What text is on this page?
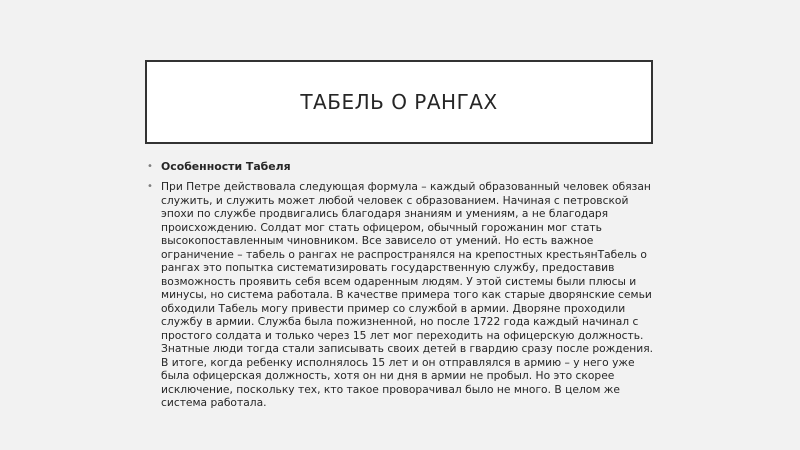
ТАБЕЛЬ О РАНГАХ
• Особенности Табеля
• При Петре действовала следующая формула – каждый образованный человек обязан служить, и служить может любой человек с образованием. Начиная с петровской эпохи по службе продвигались благодаря знаниям и умениям, а не благодаря происхождению. Солдат мог стать офицером, обычный горожанин мог стать высокопоставленным чиновником. Все зависело от умений. Но есть важное ограничение – табель о рангах не распространялся на крепостных крестьянТабель о рангах это попытка систематизировать государственную службу, предоставив возможность проявить себя всем одаренным людям. У этой системы были плюсы и минусы, но система работала. В качестве примера того как старые дворянские семьи обходили Табель могу привести пример со службой в армии. Дворяне проходили службу в армии. Служба была пожизненной, но после 1722 года каждый начинал с простого солдата и только через 15 лет мог переходить на офицерскую должность. Знатные люди тогда стали записывать своих детей в гвардию сразу после рождения. В итоге, когда ребенку исполнялось 15 лет и он отправлялся в армию – у него уже была офицерская должность, хотя он ни дня в армии не пробыл. Но это скорее исключение, поскольку тех, кто такое проворачивал было не много. В целом же система работала.
